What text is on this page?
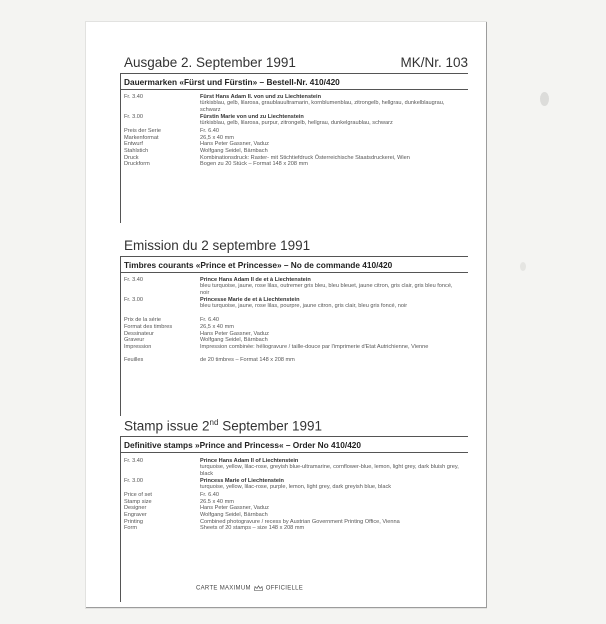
Ausgabe 2. September 1991	MK/Nr. 103
Dauermarken «Fürst und Fürstin» – Bestell-Nr. 410/420
Fr. 3.40	Fürst Hans Adam II. von und zu Liechtenstein
türkisblau, gelb, lilarosa, graublauultramarin, kornblumenblau, zitrongelb, hellgrau, dunkelblaugrau, schwarz
Fr. 3.00	Fürstin Marie von und zu Liechtenstein
türkisblau, gelb, lilarosa, purpur, zitrongelb, hellgrau, dunkelgraublau, schwarz
Preis der Serie	Fr. 6.40
Markenformat	26,5 x 40 mm
Entwurf	Hans Peter Gassner, Vaduz
Stahlstich	Wolfgang Seidel, Bärnbach
Druck	Kombinationsdruck: Raster- mit Stichtiefdruck Österreichische Staatsdruckerei, Wien
Druckform	Bogen zu 20 Stück – Format 148 x 208 mm
Emission du 2 septembre 1991
Timbres courants «Prince et Princesse» – No de commande 410/420
Fr. 3.40	Prince Hans Adam II de et à Liechtenstein
bleu turquoise, jaune, rose lilas, outremer gris bleu, bleu bleuet, jaune citron, gris clair, gris bleu foncé, noir
Fr. 3.00	Princesse Marie de et à Liechtenstein
bleu turquoise, jaune, rose lilas, pourpre, jaune citron, gris clair, bleu gris foncé, noir
Prix de la série	Fr. 6.40
Format des timbres	26,5 x 40 mm
Dessinateur	Hans Peter Gassner, Vaduz
Graveur	Wolfgang Seidel, Bärnbach
Impression	Impression combinée: héliogravure / taille-douce par l'imprimerie d'Etat Autrichienne, Vienne
Feuilles	de 20 timbres – Format 148 x 208 mm
Stamp issue 2nd September 1991
Definitive stamps »Prince and Princess« – Order No 410/420
Fr. 3.40	Prince Hans Adam II of Liechtenstein
turquoise, yellow, lilac-rose, greyish blue-ultramarine, cornflower-blue, lemon, light grey, dark bluish grey, black
Fr. 3.00	Princess Marie of Liechtenstein
turquoise, yellow, lilac-rose, purple, lemon, light grey, dark greyish blue, black
Price of set	Fr. 6.40
Stamp size	26.5 x 40 mm
Designer	Hans Peter Gassner, Vaduz
Engraver	Wolfgang Seidel, Bärnbach
Printing	Combined photogravure / recess by Austrian Government Printing Office, Vienna
Form	Sheets of 20 stamps – size 148 x 208 mm
CARTE MAXIMUM OFFICIELLE
